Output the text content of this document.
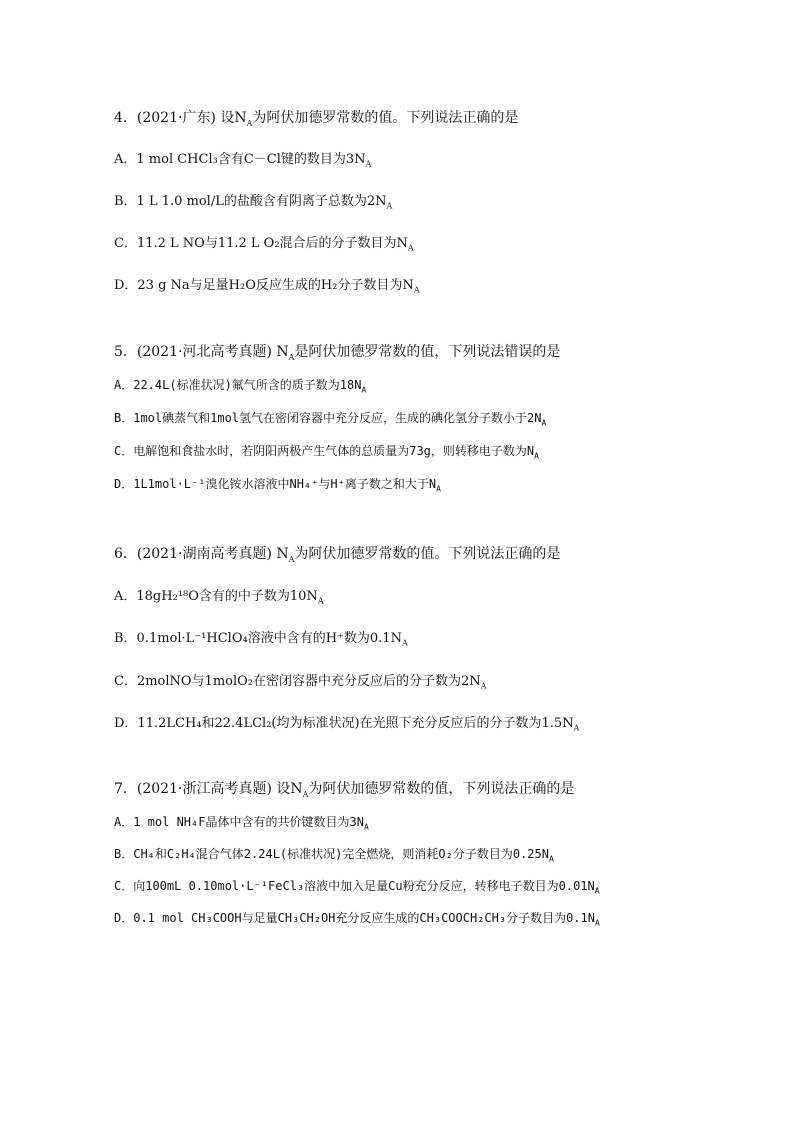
4．(2021·广东) 设$N_A$为阿伏加德罗常数的值。下列说法正确的是
A．1 mol CHCl₃含有C－Cl键的数目为$3N_A$
B．1 L 1.0 mol/L的盐酸含有阴离子总数为$2N_A$
C．11.2 L NO与11.2 L O₂混合后的分子数目为$N_A$
D．23 g Na与足量H₂O反应生成的H₂分子数目为$N_A$
5．(2021·河北高考真题) $N_A$是阿伏加德罗常数的值，下列说法错误的是
A．22.4L(标准状况)氟气所含的质子数为$18N_A$
B．1mol碘蒸气和1mol氢气在密闭容器中充分反应，生成的碘化氢分子数小于$2N_A$
C．电解饱和食盐水时，若阴阳两极产生气体的总质量为73g，则转移电子数为$N_A$
D．1L1mol·L⁻¹溴化铵水溶液中NH₄⁺与H⁺离子数之和大于$N_A$
6．(2021·湖南高考真题) $N_A$为阿伏加德罗常数的值。下列说法正确的是
A．18gH₂¹⁸O含有的中子数为$10N_A$
B．0.1mol·L⁻¹HClO₄溶液中含有的H⁺数为$0.1N_A$
C．2molNO与1molO₂在密闭容器中充分反应后的分子数为$2N_A$
D．11.2LCH₄和22.4LCl₂(均为标准状况)在光照下充分反应后的分子数为$1.5N_A$
7．(2021·浙江高考真题) 设$N_A$为阿伏加德罗常数的值，下列说法正确的是
A．1 mol NH₄F晶体中含有的共价键数目为$3N_A$
B．CH₄和C₂H₄混合气体2.24L(标准状况)完全燃烧，则消耗O₂分子数目为$0.25N_A$
C．向100mL 0.10mol·L⁻¹FeCl₃溶液中加入足量Cu粉充分反应，转移电子数目为$0.01N_A$
D．0.1 mol CH₃COOH与足量CH₃CH₂OH充分反应生成的CH₃COOCH₂CH₃分子数目为$0.1N_A$
